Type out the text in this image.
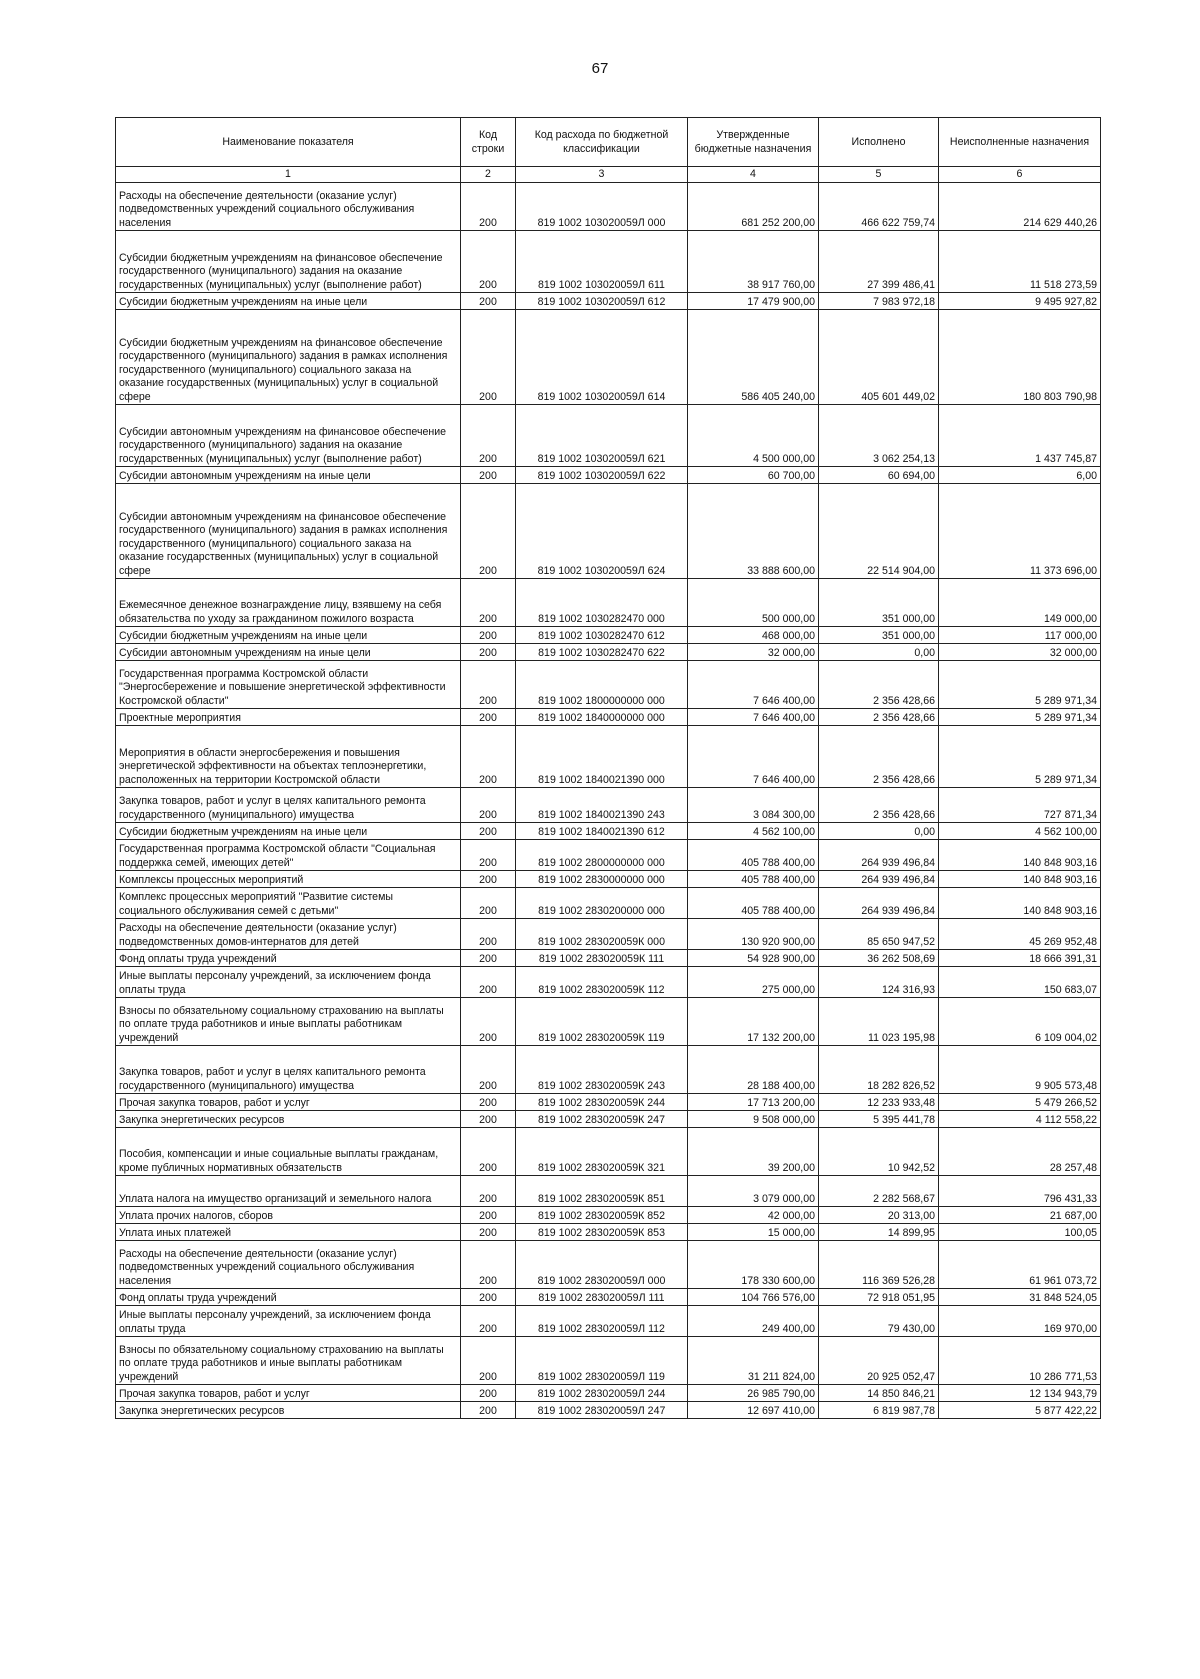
67
Наименование показателя	Код строки	Код расхода по бюджетной классификации	Утвержденные бюджетные назначения	Исполнено	Неисполненные назначения
1	2	3	4	5	6
Расходы на обеспечение деятельности (оказание услуг) подведомственных учреждений социального обслуживания населения	200	819 1002 103020059Л 000	681 252 200,00	466 622 759,74	214 629 440,26
Субсидии бюджетным учреждениям на финансовое обеспечение государственного (муниципального) задания на оказание государственных (муниципальных) услуг (выполнение работ)	200	819 1002 103020059Л 611	38 917 760,00	27 399 486,41	11 518 273,59
Субсидии бюджетным учреждениям на иные цели	200	819 1002 103020059Л 612	17 479 900,00	7 983 972,18	9 495 927,82
Субсидии бюджетным учреждениям на финансовое обеспечение государственного (муниципального) задания в рамках исполнения государственного (муниципального) социального заказа на оказание государственных (муниципальных) услуг в социальной сфере	200	819 1002 103020059Л 614	586 405 240,00	405 601 449,02	180 803 790,98
Субсидии автономным учреждениям на финансовое обеспечение государственного (муниципального) задания на оказание государственных (муниципальных) услуг (выполнение работ)	200	819 1002 103020059Л 621	4 500 000,00	3 062 254,13	1 437 745,87
Субсидии автономным учреждениям на иные цели	200	819 1002 103020059Л 622	60 700,00	60 694,00	6,00
Субсидии автономным учреждениям на финансовое обеспечение государственного (муниципального) задания в рамках исполнения государственного (муниципального) социального заказа на оказание государственных (муниципальных) услуг в социальной сфере	200	819 1002 103020059Л 624	33 888 600,00	22 514 904,00	11 373 696,00
Ежемесячное денежное вознаграждение лицу, взявшему на себя обязательства по уходу за гражданином пожилого возраста	200	819 1002 1030282470 000	500 000,00	351 000,00	149 000,00
Субсидии бюджетным учреждениям на иные цели	200	819 1002 1030282470 612	468 000,00	351 000,00	117 000,00
Субсидии автономным учреждениям на иные цели	200	819 1002 1030282470 622	32 000,00	0,00	32 000,00
Государственная программа Костромской области "Энергосбережение и повышение энергетической эффективности Костромской области"	200	819 1002 1800000000 000	7 646 400,00	2 356 428,66	5 289 971,34
Проектные мероприятия	200	819 1002 1840000000 000	7 646 400,00	2 356 428,66	5 289 971,34
Мероприятия в области энергосбережения и повышения энергетической эффективности на объектах теплоэнергетики, расположенных на территории Костромской области	200	819 1002 1840021390 000	7 646 400,00	2 356 428,66	5 289 971,34
Закупка товаров, работ и услуг в целях капитального ремонта государственного (муниципального) имущества	200	819 1002 1840021390 243	3 084 300,00	2 356 428,66	727 871,34
Субсидии бюджетным учреждениям на иные цели	200	819 1002 1840021390 612	4 562 100,00	0,00	4 562 100,00
Государственная программа Костромской области "Социальная поддержка семей, имеющих детей"	200	819 1002 2800000000 000	405 788 400,00	264 939 496,84	140 848 903,16
Комплексы процессных мероприятий	200	819 1002 2830000000 000	405 788 400,00	264 939 496,84	140 848 903,16
Комплекс процессных мероприятий "Развитие системы социального обслуживания семей с детьми"	200	819 1002 2830200000 000	405 788 400,00	264 939 496,84	140 848 903,16
Расходы на обеспечение деятельности (оказание услуг) подведомственных домов-интернатов для детей	200	819 1002 283020059К 000	130 920 900,00	85 650 947,52	45 269 952,48
Фонд оплаты труда учреждений	200	819 1002 283020059К 111	54 928 900,00	36 262 508,69	18 666 391,31
Иные выплаты персоналу учреждений, за исключением фонда оплаты труда	200	819 1002 283020059К 112	275 000,00	124 316,93	150 683,07
Взносы по обязательному социальному страхованию на выплаты по оплате труда работников и иные выплаты работникам учреждений	200	819 1002 283020059К 119	17 132 200,00	11 023 195,98	6 109 004,02
Закупка товаров, работ и услуг в целях капитального ремонта государственного (муниципального) имущества	200	819 1002 283020059К 243	28 188 400,00	18 282 826,52	9 905 573,48
Прочая закупка товаров, работ и услуг	200	819 1002 283020059К 244	17 713 200,00	12 233 933,48	5 479 266,52
Закупка энергетических ресурсов	200	819 1002 283020059К 247	9 508 000,00	5 395 441,78	4 112 558,22
Пособия, компенсации и иные социальные выплаты гражданам, кроме публичных нормативных обязательств	200	819 1002 283020059К 321	39 200,00	10 942,52	28 257,48
Уплата налога на имущество организаций и земельного налога	200	819 1002 283020059К 851	3 079 000,00	2 282 568,67	796 431,33
Уплата прочих налогов, сборов	200	819 1002 283020059К 852	42 000,00	20 313,00	21 687,00
Уплата иных платежей	200	819 1002 283020059К 853	15 000,00	14 899,95	100,05
Расходы на обеспечение деятельности (оказание услуг) подведомственных учреждений социального обслуживания населения	200	819 1002 283020059Л 000	178 330 600,00	116 369 526,28	61 961 073,72
Фонд оплаты труда учреждений	200	819 1002 283020059Л 111	104 766 576,00	72 918 051,95	31 848 524,05
Иные выплаты персоналу учреждений, за исключением фонда оплаты труда	200	819 1002 283020059Л 112	249 400,00	79 430,00	169 970,00
Взносы по обязательному социальному страхованию на выплаты по оплате труда работников и иные выплаты работникам учреждений	200	819 1002 283020059Л 119	31 211 824,00	20 925 052,47	10 286 771,53
Прочая закупка товаров, работ и услуг	200	819 1002 283020059Л 244	26 985 790,00	14 850 846,21	12 134 943,79
Закупка энергетических ресурсов	200	819 1002 283020059Л 247	12 697 410,00	6 819 987,78	5 877 422,22
